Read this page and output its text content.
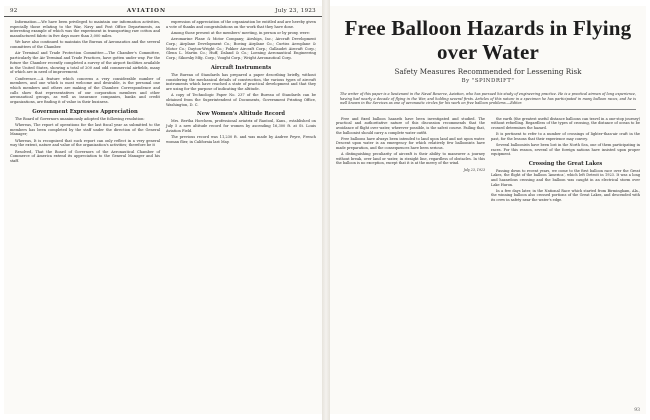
92	AVIATION	July 23, 1923

Information.—We have been privileged to maintain our information activities, especially those relating to the War, Navy and Post Office Departments, an interesting example of which was the experiment in transporting raw cotton and manufactured fabric in five days more than 3,000 miles.

We have also continued to maintain the Bureau of Aeronautics and the several committees of the Chamber.

Air Terminal and Trade Protection Committee.—The Chamber's Committee, particularly the Air Terminal and Trade Practices, have gotten under way. For the future the Chamber recently completed a survey of the airport facilities available in the United States, showing a total of 200 and odd commercial airfields, many of which are in need of improvement.

Conference.—A feature which concerns a very considerable number of members, and one which is most welcome and desirable, is the personal one which members and others are making of the Chamber. Correspondence and calls show that representatives of our corporation members and other aeronautical groups, as well as insurance companies, banks and credit organizations, are finding it of value in their business.

Government Expresses Appreciation

The Board of Governors unanimously adopted the following resolution:

Whereas, The report of operations for the last fiscal year as submitted to the members has been completed by the staff under the direction of the General Manager;

Whereas, It is recognized that such report can only reflect in a very general way the extent, nature and value of the organization's activities; therefore be it

Resolved, That the Board of Governors of the Aeronautical Chamber of Commerce of America extend its appreciation to the General Manager and his staff.

expression of appreciation of the organization be entitled and are hereby given a vote of thanks and congratulations on the work that they have done.

Among those present at the members' meeting, in person or by proxy, were:

Aeromarine Plane & Motor Company; Airships, Inc.; Aircraft Development Corp.; Airplane Development Co.; Boeing Airplane Co.; Curtiss Aeroplane & Motor Co.; Dayton-Wright Co.; Fokker Aircraft Corp.; Gallaudet Aircraft Corp.; Glenn L. Martin Co.; Huff, Daland & Co.; Loening Aeronautical Engineering Corp.; Sikorsky Mfg. Corp.; Vought Corp.; Wright Aeronautical Corp.

Aircraft Instruments

The Bureau of Standards has prepared a paper describing briefly, without considering the mechanical details of construction, the various types of aircraft instruments which have reached a state of practical development and that they are using for the purpose of indicating the altitude.

A copy of Technologic Paper No. 237 of the Bureau of Standards can be obtained from the Superintendent of Documents, Government Printing Office, Washington, D. C.

New Women's Altitude Record

Mrs. Bertha Horchem, professional aviatrix of Rantoul, Kans., established on July 5 a new altitude record for women by ascending 16,300 ft. at St. Louis Aviation Field.

The previous record was 11,230 ft. and was made by Andree Peyre, French woman flier, in California last May.

Free Balloon Hazards in Flying over Water
Safety Measures Recommended for Lessening Risk
By "SPINDRIFT"
The writer of this paper is a lieutenant in the Naval Reserve, Aviation, who has pursued his study of engineering practice. He is a practical airman of long experience, having had nearly a decade of flying in the War, and holding several firsts. Articles of this nature in a specimen he has participated in many balloon races, and he is well known in the Services as one of aeronautic circles for his work on free balloon problems.—Editor.

Free and fixed balloon hazards have been investigated and studied. The practical and authoritative nature of this discussion recommends that the avoidance of flight over water, wherever possible, is the safest course. Failing that, the balloonist should carry a complete water outfit.

Free balloons have always been intended to land upon land and not upon water. Descent upon water is an emergency for which relatively few balloonists have made preparation, and the consequences have been serious.

A distinguishing peculiarity of aircraft is their ability to maneuver a journey without break, over land or water, in straight line, regardless of obstacles. In this the balloon is no exception, except that it is at the mercy of the wind.

July 23, 1923

the earth (the greatest useful distance balloons can travel in a one-stop journey) without refuelling. Regardless of the types of crossing, the distance of ocean to be crossed determines the hazard.

It is pertinent to refer to a number of crossings of lighter-than-air craft in the past, for the lessons that their experience may convey.

Several balloonists have been lost in the North Sea, one of them participating in races. For this reason, several of the foreign nations have insisted upon proper equipment.

Crossing the Great Lakes

Passing down to recent years, we come to the first balloon race over the Great Lakes, the flight of the balloon ‘America’, which left Detroit in 1923. It was a long and hazardous crossing and the balloon was caught in an electrical storm over Lake Huron.

In a few days later, in the National Race which started from Birmingham, Ala., the winning balloon also crossed portions of the Great Lakes, and descended with its crew in safety near the water's edge.

93
